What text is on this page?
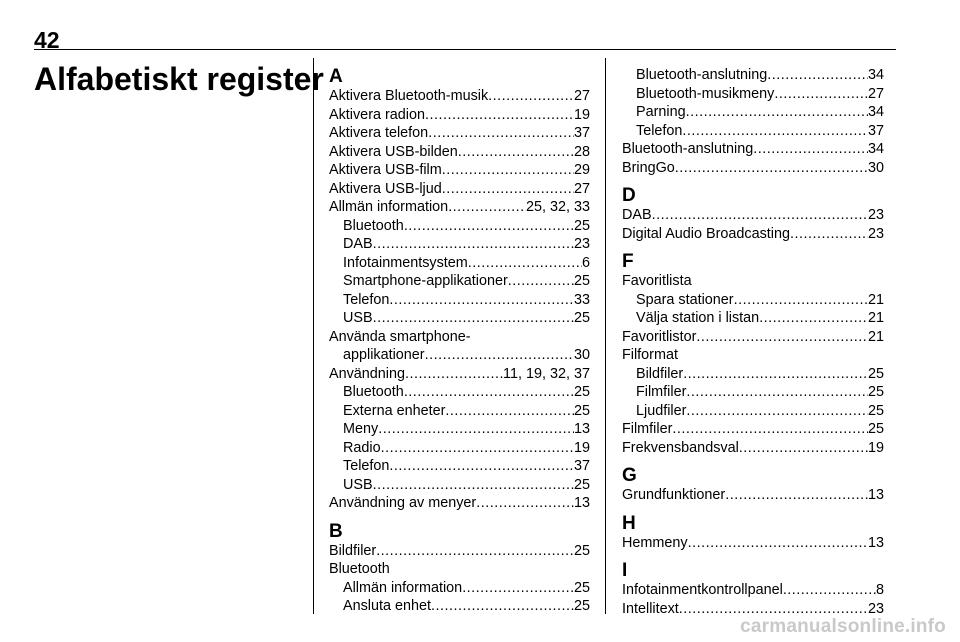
42
Alfabetiskt register A
Aktivera Bluetooth-musik .....	27
Aktivera radion .....	19
Aktivera telefon .....	37
Aktivera USB-bilden .....	28
Aktivera USB-film .....	29
Aktivera USB-ljud .....	27
Allmän information .....	25, 32, 33
Bluetooth .....	25
DAB .....	23
Infotainmentsystem .....	6
Smartphone-applikationer .....	25
Telefon .....	33
USB .....	25
Använda smartphone-
applikationer .....	30
Användning .....	11, 19, 32, 37
Bluetooth .....	25
Externa enheter .....	25
Meny .....	13
Radio .....	19
Telefon .....	37
USB .....	25
Användning av menyer .....	13
B
Bildfiler .....	25
Bluetooth
Allmän information .....	25
Ansluta enhet .....	25
Bluetooth-anslutning .....	34
Bluetooth-musikmeny .....	27
Parning .....	34
Telefon .....	37
Bluetooth-anslutning .....	34
BringGo .....	30
D
DAB .....	23
Digital Audio Broadcasting .....	23
F
Favoritlista
Spara stationer .....	21
Välja station i listan .....	21
Favoritlistor .....	21
Filformat
Bildfiler .....	25
Filmfiler .....	25
Ljudfiler .....	25
Filmfiler .....	25
Frekvensbandsval .....	19
G
Grundfunktioner .....	13
H
Hemmeny .....	13
I
Infotainmentkontrollpanel .....	8
Intellitext .....	23
carmanualsonline.info
